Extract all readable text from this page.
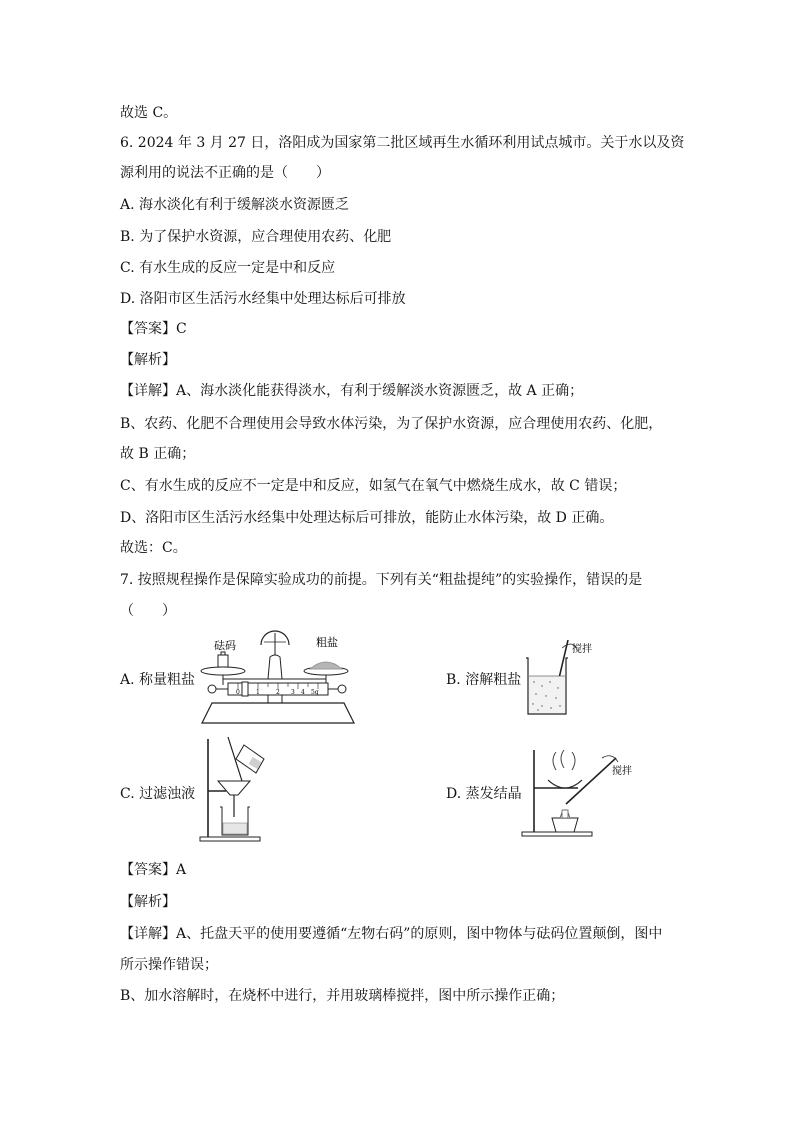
故选 C。
6. 2024 年 3 月 27 日，洛阳成为国家第二批区域再生水循环利用试点城市。关于水以及资
源利用的说法不正确的是（　　）
A. 海水淡化有利于缓解淡水资源匮乏
B. 为了保护水资源，应合理使用农药、化肥
C. 有水生成的反应一定是中和反应
D. 洛阳市区生活污水经集中处理达标后可排放
【答案】C
【解析】
【详解】A、海水淡化能获得淡水，有利于缓解淡水资源匮乏，故 A 正确；
B、农药、化肥不合理使用会导致水体污染，为了保护水资源，应合理使用农药、化肥，
故 B 正确；
C、有水生成的反应不一定是中和反应，如氢气在氧气中燃烧生成水，故 C 错误；
D、洛阳市区生活污水经集中处理达标后可排放，能防止水体污染，故 D 正确。
故选：C。
7. 按照规程操作是保障实验成功的前提。下列有关“粗盐提纯”的实验操作，错误的是
（　　）
A. 称量粗盐	B. 溶解粗盐
C. 过滤浊液	D. 蒸发结晶
砝码	粗盐
0	1	2 3 4 5g
搅拌
搅拌
【答案】A
【解析】
【详解】A、托盘天平的使用要遵循“左物右码”的原则，图中物体与砝码位置颠倒，图中
所示操作错误；
B、加水溶解时，在烧杯中进行，并用玻璃棒搅拌，图中所示操作正确；
